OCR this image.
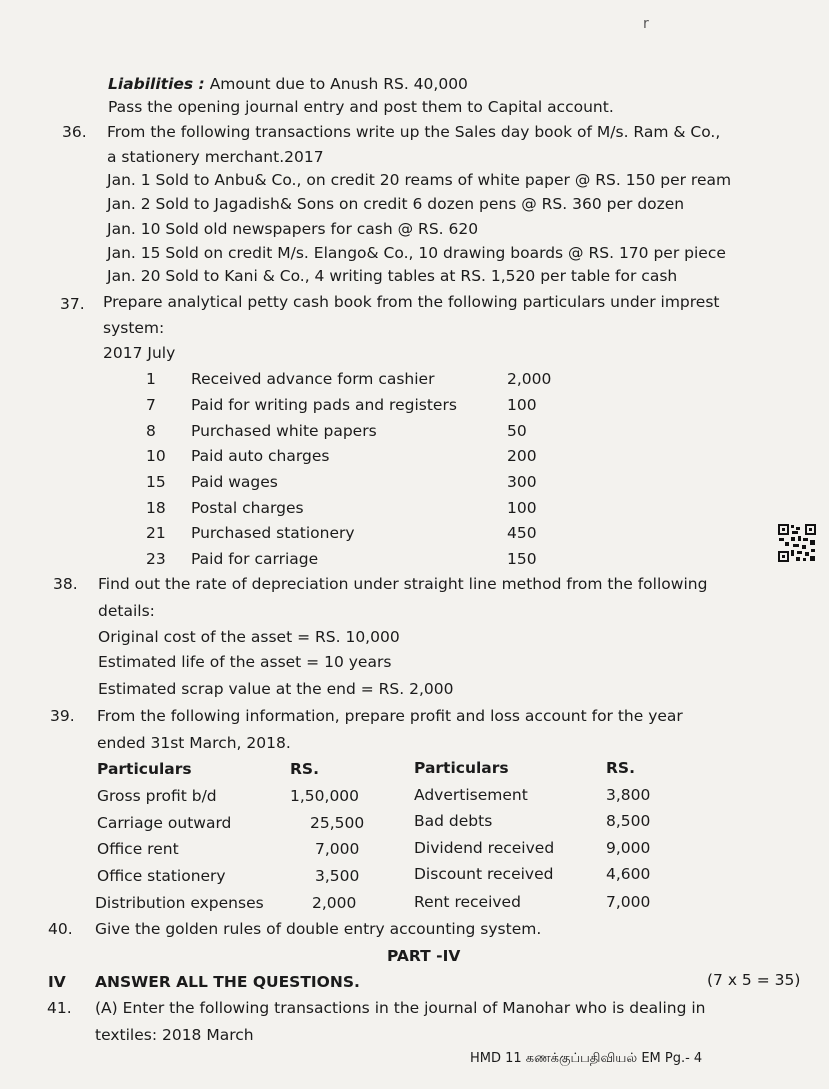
r
Liabilities : Amount due to Anush RS. 40,000
Pass the opening journal entry and post them to Capital account.
36. From the following transactions write up the Sales day book of M/s. Ram & Co.,
a stationery merchant.2017
Jan. 1 Sold to Anbu& Co., on credit 20 reams of white paper @ RS. 150 per ream
Jan. 2 Sold to Jagadish& Sons on credit 6 dozen pens @ RS. 360 per dozen
Jan. 10 Sold old newspapers for cash @ RS. 620
Jan. 15 Sold on credit M/s. Elango& Co., 10 drawing boards @ RS. 170 per piece
Jan. 20 Sold to Kani & Co., 4 writing tables at RS. 1,520 per table for cash
37. Prepare analytical petty cash book from the following particulars under imprest
system:
2017 July
1 Received advance form cashier	2,000
7 Paid for writing pads and registers	100
8 Purchased white papers	50
10 Paid auto charges	200
15 Paid wages	300
18 Postal charges	100
21 Purchased stationery	450
23 Paid for carriage	150
38. Find out the rate of depreciation under straight line method from the following
details:
Original cost of the asset = RS. 10,000
Estimated life of the asset = 10 years
Estimated scrap value at the end = RS. 2,000
39. From the following information, prepare profit and loss account for the year
ended 31st March, 2018.
Particulars	RS.	Particulars	RS.
Gross profit b/d	1,50,000	Advertisement	3,800
Carriage outward	25,500	Bad debts	8,500
Office rent	7,000	Dividend received	9,000
Office stationery	3,500	Discount received	4,600
Distribution expenses	2,000	Rent received	7,000
40. Give the golden rules of double entry accounting system.
PART -IV
IV ANSWER ALL THE QUESTIONS.	(7 x 5 = 35)
41. (A) Enter the following transactions in the journal of Manohar who is dealing in
textiles: 2018 March
HMD 11 கணக்குப்பதிவியல் EM Pg.- 4
